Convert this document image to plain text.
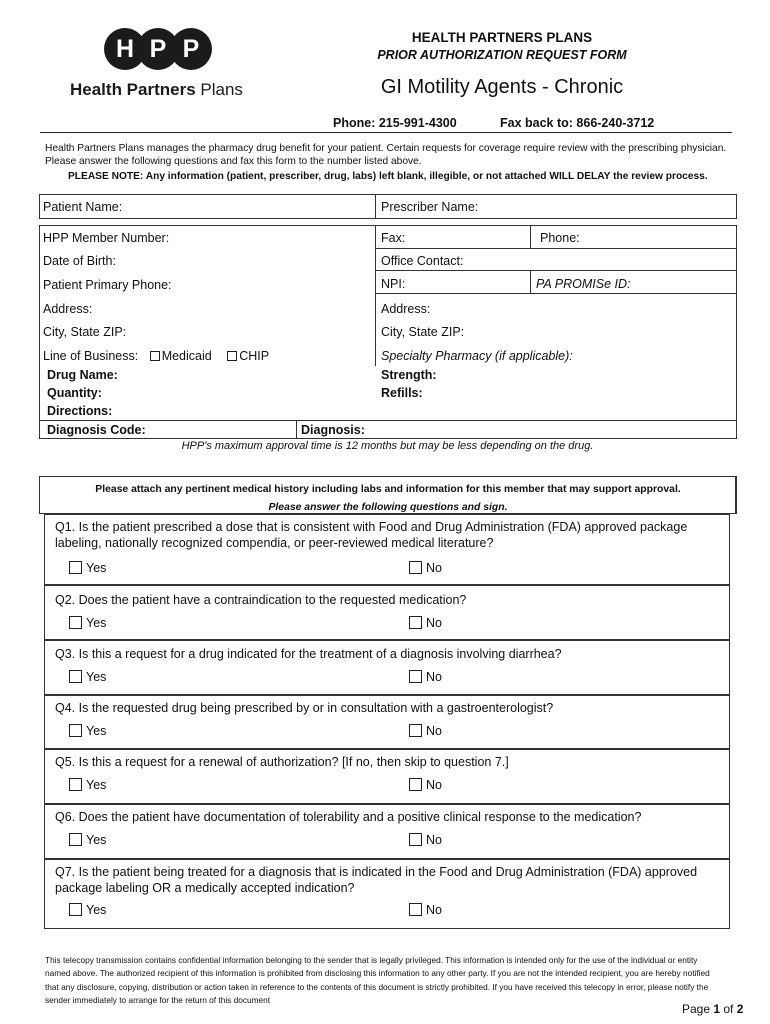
H P P
Health Partners Plans
HEALTH PARTNERS PLANS
PRIOR AUTHORIZATION REQUEST FORM
GI Motility Agents - Chronic
Phone: 215-991-4300	Fax back to: 866-240-3712
Health Partners Plans manages the pharmacy drug benefit for your patient. Certain requests for coverage require review with the prescribing physician. Please answer the following questions and fax this form to the number listed above.
PLEASE NOTE: Any information (patient, prescriber, drug, labs) left blank, illegible, or not attached WILL DELAY the review process.
Patient Name:	Prescriber Name:
HPP Member Number:	Fax:	Phone:
Date of Birth:	Office Contact:
Patient Primary Phone:	NPI:	PA PROMISe ID:
Address:	Address:
City, State ZIP:	City, State ZIP:
Line of Business: Medicaid CHIP	Specialty Pharmacy (if applicable):
Drug Name:	Strength:
Quantity:	Refills:
Directions:
Diagnosis Code:	Diagnosis:
HPP's maximum approval time is 12 months but may be less depending on the drug.
Please attach any pertinent medical history including labs and information for this member that may support approval.
Please answer the following questions and sign.
Q1. Is the patient prescribed a dose that is consistent with Food and Drug Administration (FDA) approved package labeling, nationally recognized compendia, or peer-reviewed medical literature?
Yes	No
Q2. Does the patient have a contraindication to the requested medication?
Yes	No
Q3. Is this a request for a drug indicated for the treatment of a diagnosis involving diarrhea?
Yes	No
Q4. Is the requested drug being prescribed by or in consultation with a gastroenterologist?
Yes	No
Q5. Is this a request for a renewal of authorization? [If no, then skip to question 7.]
Yes	No
Q6. Does the patient have documentation of tolerability and a positive clinical response to the medication?
Yes	No
Q7. Is the patient being treated for a diagnosis that is indicated in the Food and Drug Administration (FDA) approved package labeling OR a medically accepted indication?
Yes	No
This telecopy transmission contains confidential information belonging to the sender that is legally privileged. This information is intended only for the use of the individual or entity named above. The authorized recipient of this information is prohibited from disclosing this information to any other party. If you are not the intended recipient, you are hereby notified that any disclosure, copying, distribution or action taken in reference to the contents of this document is strictly prohibited. If you have received this telecopy in error, please notify the sender immediately to arrange for the return of this document
Page 1 of 2
